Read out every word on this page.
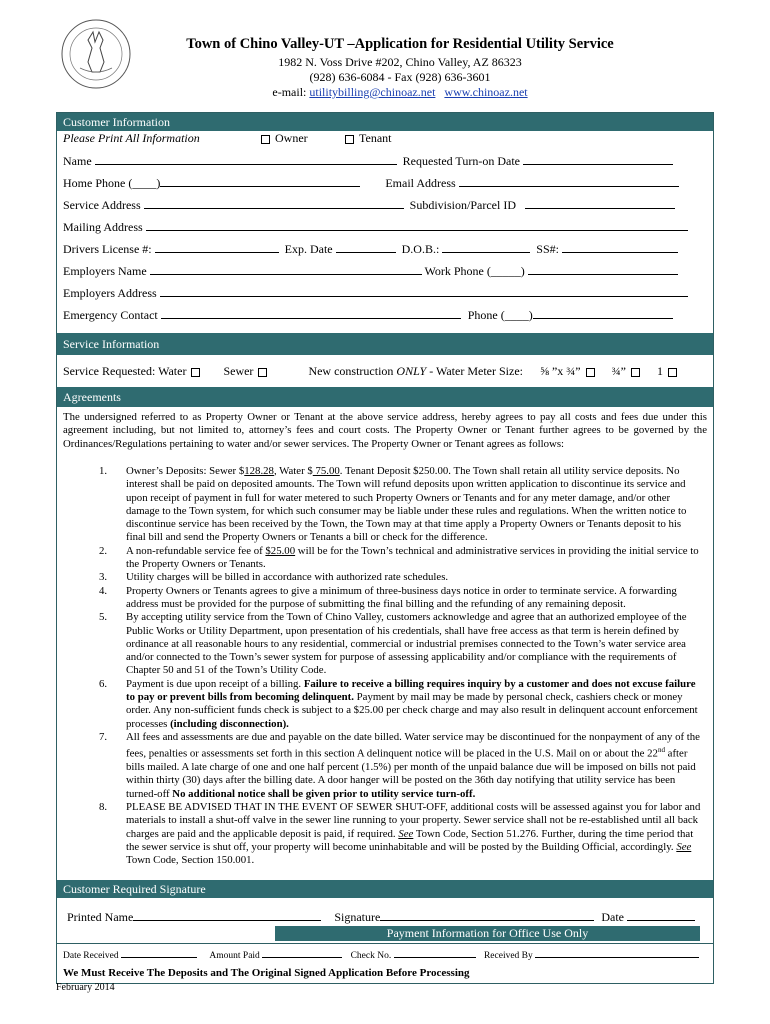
Town of Chino Valley-UT –Application for Residential Utility Service
1982 N. Voss Drive #202, Chino Valley, AZ 86323
(928) 636-6084 - Fax (928) 636-3601
e-mail: utilitybilling@chinoaz.net www.chinoaz.net
Customer Information
Please Print All Information	Owner	Tenant
Name	Requested Turn-on Date
Home Phone (____)	Email Address
Service Address	Subdivision/Parcel ID
Mailing Address
Drivers License #:	Exp. Date	D.O.B.:	SS#:
Employers Name	Work Phone (_____)
Employers Address
Emergency Contact	Phone (____)
Service Information
Service Requested: Water	Sewer	New construction ONLY - Water Meter Size: ⅝ ”x ¾”	¾”	1
Agreements
The undersigned referred to as Property Owner or Tenant at the above service address, hereby agrees to pay all costs and fees due under this agreement including, but not limited to, attorney’s fees and court costs. The Property Owner or Tenant further agrees to be governed by the Ordinances/Regulations pertaining to water and/or sewer services. The Property Owner or Tenant agrees as follows:
1. Owner’s Deposits: Sewer $128.28, Water $ 75.00. Tenant Deposit $250.00. The Town shall retain all utility service deposits. No interest shall be paid on deposited amounts. The Town will refund deposits upon written application to discontinue its service and upon receipt of payment in full for water metered to such Property Owners or Tenants and for any meter damage, and/or other damage to the Town system, for which such consumer may be liable under these rules and regulations. When the written notice to discontinue service has been received by the Town, the Town may at that time apply a Property Owners or Tenants deposit to his final bill and send the Property Owners or Tenants a bill or check for the difference.
2. A non-refundable service fee of $25.00 will be for the Town’s technical and administrative services in providing the initial service to the Property Owners or Tenants.
3. Utility charges will be billed in accordance with authorized rate schedules.
4. Property Owners or Tenants agrees to give a minimum of three-business days notice in order to terminate service. A forwarding address must be provided for the purpose of submitting the final billing and the refunding of any remaining deposit.
5. By accepting utility service from the Town of Chino Valley, customers acknowledge and agree that an authorized employee of the Public Works or Utility Department, upon presentation of his credentials, shall have free access as that term is herein defined by ordinance at all reasonable hours to any residential, commercial or industrial premises connected to the Town’s water service area and/or connected to the Town’s sewer system for purpose of assessing applicability and/or compliance with the requirements of Chapter 50 and 51 of the Town’s Utility Code.
6. Payment is due upon receipt of a billing. Failure to receive a billing requires inquiry by a customer and does not excuse failure to pay or prevent bills from becoming delinquent. Payment by mail may be made by personal check, cashiers check or money order. Any non-sufficient funds check is subject to a $25.00 per check charge and may also result in delinquent account enforcement processes (including disconnection).
7. All fees and assessments are due and payable on the date billed. Water service may be discontinued for the nonpayment of any of the fees, penalties or assessments set forth in this section A delinquent notice will be placed in the U.S. Mail on or about the 22nd after bills mailed. A late charge of one and one half percent (1.5%) per month of the unpaid balance due will be imposed on bills not paid within thirty (30) days after the billing date. A door hanger will be posted on the 36th day notifying that utility service has been turned-off No additional notice shall be given prior to utility service turn-off.
8. PLEASE BE ADVISED THAT IN THE EVENT OF SEWER SHUT-OFF, additional costs will be assessed against you for labor and materials to install a shut-off valve in the sewer line running to your property. Sewer service shall not be re-established until all back charges are paid and the applicable deposit is paid, if required. See Town Code, Section 51.276. Further, during the time period that the sewer service is shut off, your property will become uninhabitable and will be posted by the Building Official, accordingly. See Town Code, Section 150.001.
Customer Required Signature
Printed Name	Signature	Date
Payment Information for Office Use Only
Date Received	Amount Paid	Check No.	Received By
We Must Receive The Deposits and The Original Signed Application Before Processing
February 2014
